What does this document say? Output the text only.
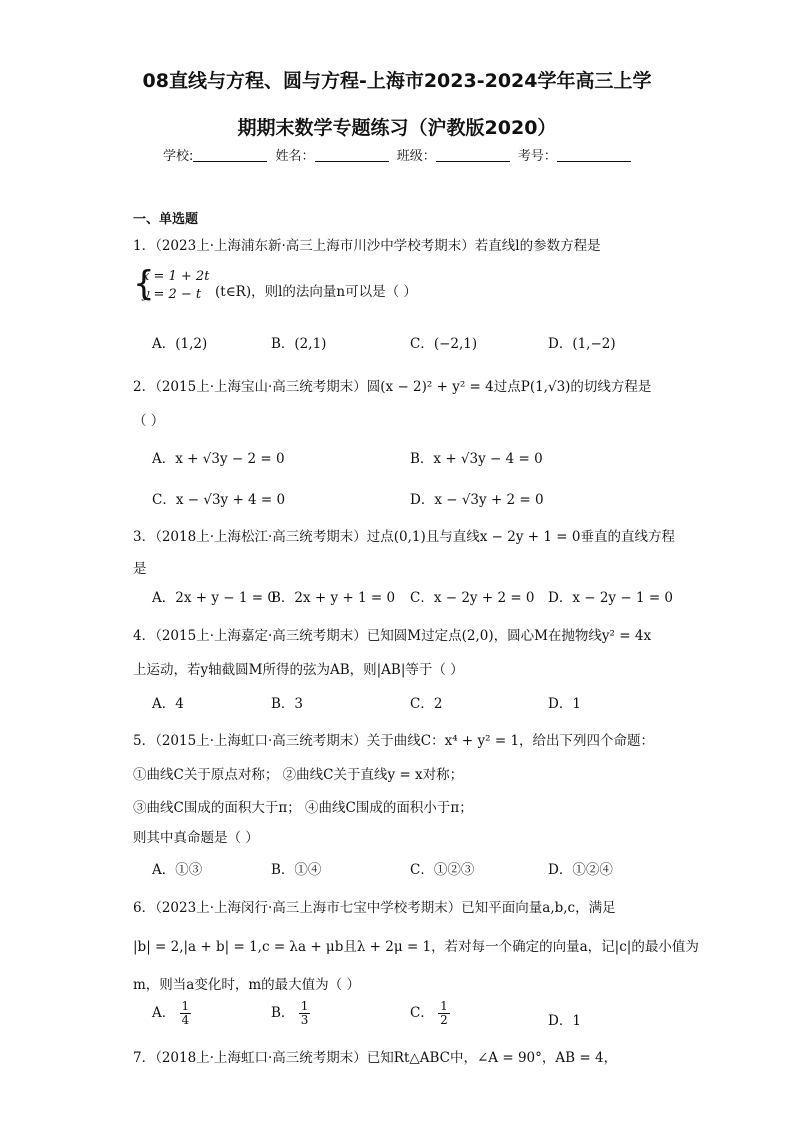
08直线与方程、圆与方程-上海市2023-2024学年高三上学
期期末数学专题练习（沪教版2020）
学校:	姓名：	班级：	考号：
一、单选题
1．（2023上·上海浦东新·高三上海市川沙中学校考期末）若直线l的参数方程是
{
x = 1 + 2t
y = 2 − t	(t∈R)，则l的法向量n可以是（ ）
A．(1,2)	B．(2,1)	C．(−2,1)	D．(1,−2)
2．（2015上·上海宝山·高三统考期末）圆(x − 2)² + y² = 4过点P(1,√3)的切线方程是
（ ）
A．x + √3y − 2 = 0	B．x + √3y − 4 = 0
C．x − √3y + 4 = 0	D．x − √3y + 2 = 0
3．（2018上·上海松江·高三统考期末）过点(0,1)且与直线x − 2y + 1 = 0垂直的直线方程
是
A．2x + y − 1 = 0
B．2x + y + 1 = 0 C．x − 2y + 2 = 0 D．x − 2y − 1 = 0
4．（2015上·上海嘉定·高三统考期末）已知圆M过定点(2,0)，圆心M在抛物线y² = 4x
上运动，若y轴截圆M所得的弦为AB，则|AB|等于（ ）
A．4	B．3	C．2	D．1
5．（2015上·上海虹口·高三统考期末）关于曲线C：x⁴ + y² = 1，给出下列四个命题：
①曲线C关于原点对称； ②曲线C关于直线y = x对称；
③曲线C围成的面积大于π； ④曲线C围成的面积小于π；
则其中真命题是（ ）
A．①③	B．①④	C．①②③	D．①②④
6．（2023上·上海闵行·高三上海市七宝中学校考期末）已知平面向量a,b,c，满足
|b| = 2,|a + b| = 1,c = λa + μb且λ + 2μ = 1，若对每一个确定的向量a，记|c|的最小值为
m，则当a变化时，m的最大值为（ ）
A． $\frac{1}{4}$	B． $\frac{1}{3}$	C． $\frac{1}{2}$	D．1
7．（2018上·上海虹口·高三统考期末）已知Rt△ABC中，∠A = 90°，AB = 4，
